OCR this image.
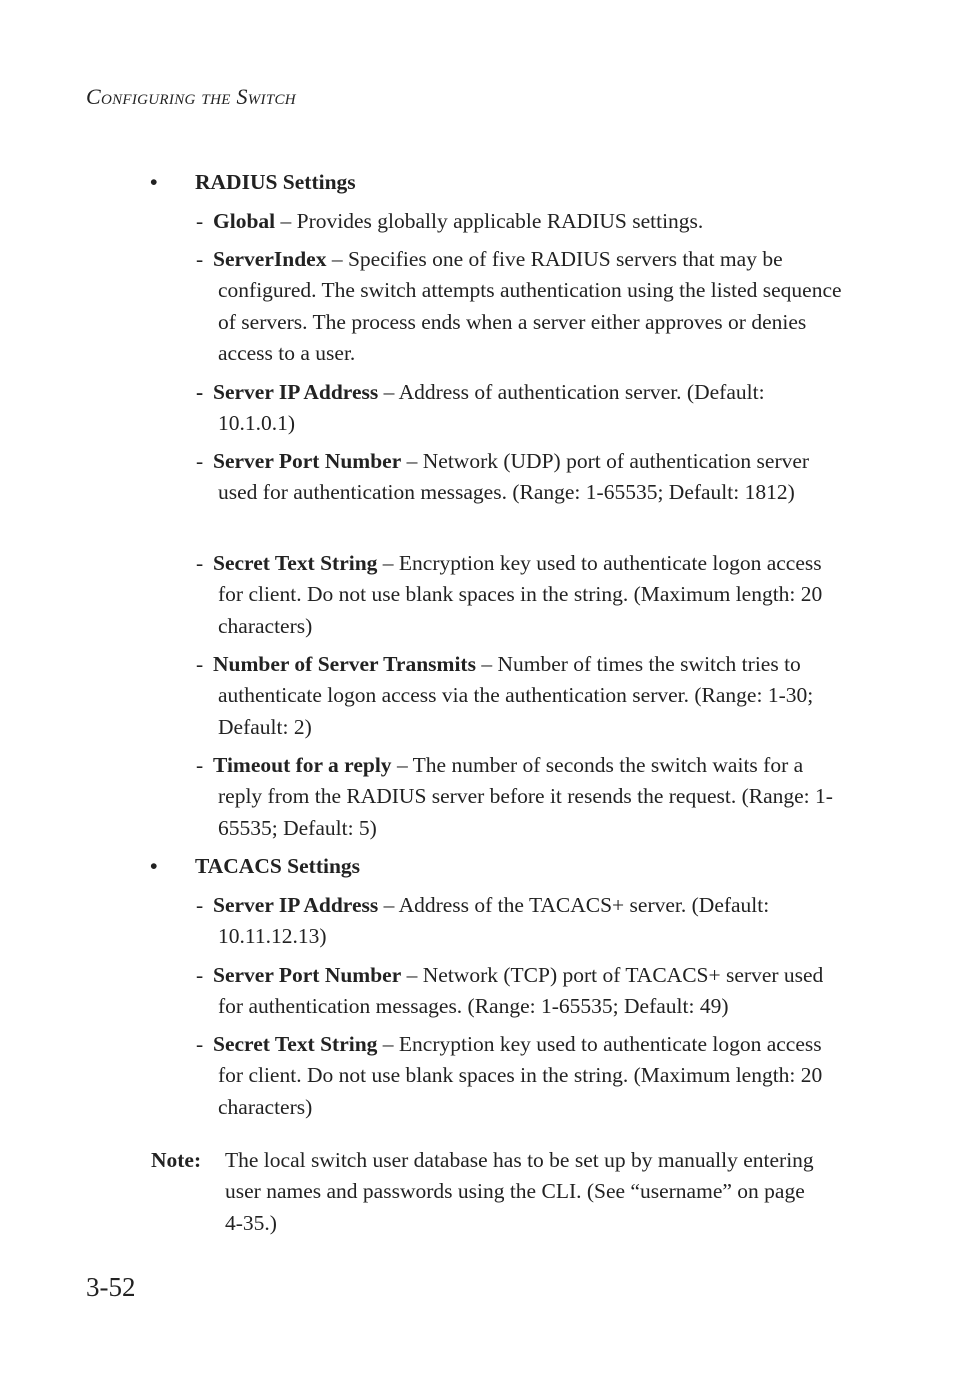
Configuring the Switch
• RADIUS Settings
- Global – Provides globally applicable RADIUS settings.
- ServerIndex – Specifies one of five RADIUS servers that may be configured. The switch attempts authentication using the listed sequence of servers. The process ends when a server either approves or denies access to a user.
- Server IP Address – Address of authentication server. (Default: 10.1.0.1)
- Server Port Number – Network (UDP) port of authentication server used for authentication messages. (Range: 1-65535; Default: 1812)
- Secret Text String – Encryption key used to authenticate logon access for client. Do not use blank spaces in the string. (Maximum length: 20 characters)
- Number of Server Transmits – Number of times the switch tries to authenticate logon access via the authentication server. (Range: 1-30; Default: 2)
- Timeout for a reply – The number of seconds the switch waits for a reply from the RADIUS server before it resends the request. (Range: 1-65535; Default: 5)
• TACACS Settings
- Server IP Address – Address of the TACACS+ server. (Default: 10.11.12.13)
- Server Port Number – Network (TCP) port of TACACS+ server used for authentication messages. (Range: 1-65535; Default: 49)
- Secret Text String – Encryption key used to authenticate logon access for client. Do not use blank spaces in the string. (Maximum length: 20 characters)
Note: The local switch user database has to be set up by manually entering user names and passwords using the CLI. (See “username” on page 4-35.)
3-52
